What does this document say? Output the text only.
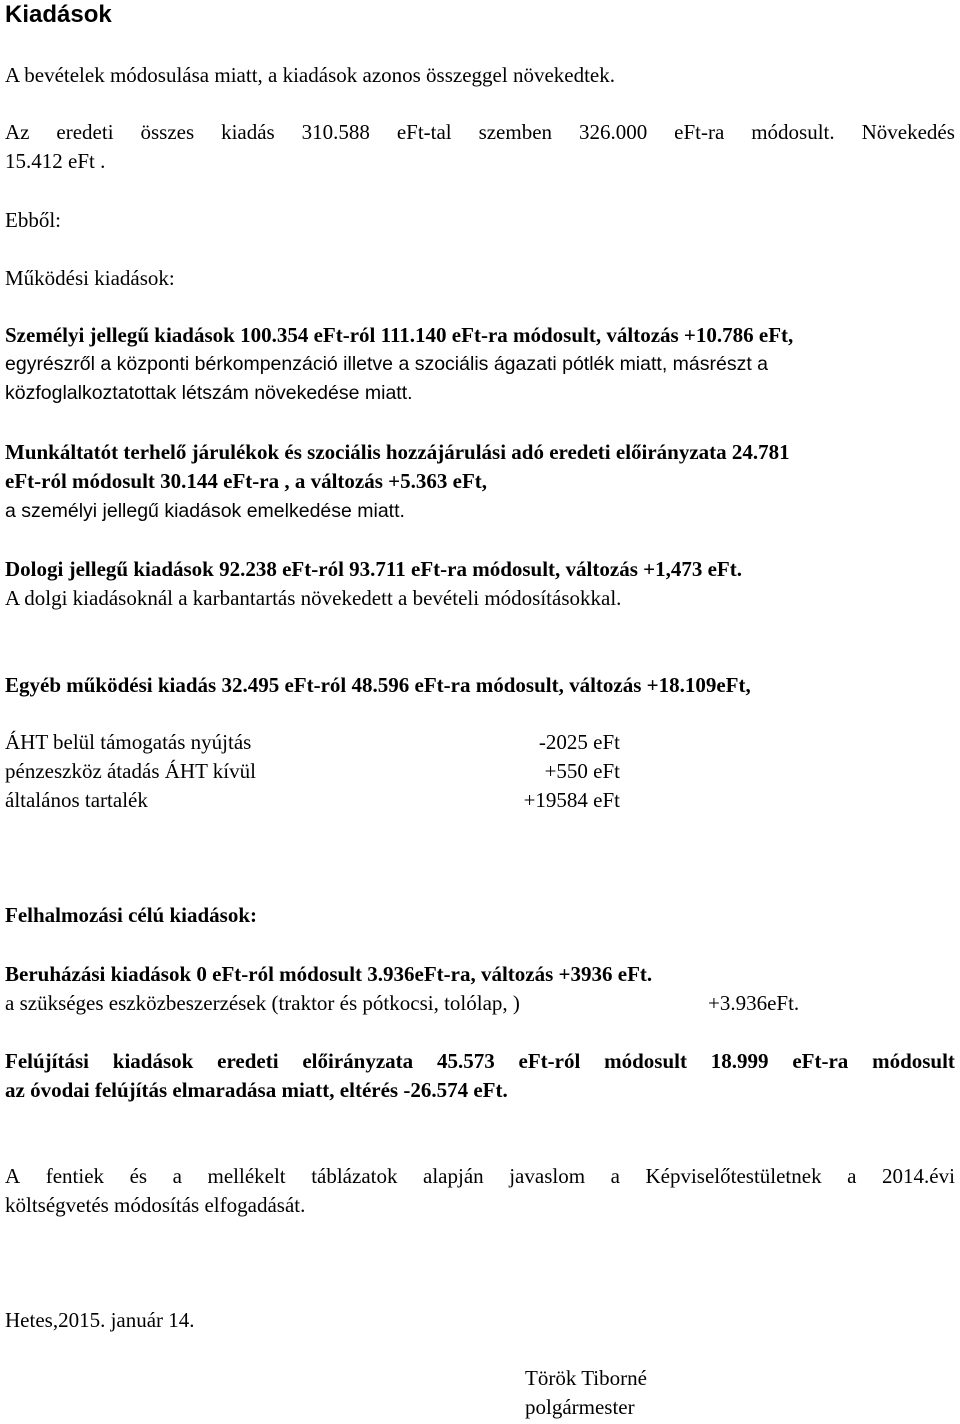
Kiadások
A bevételek módosulása miatt, a kiadások azonos összeggel növekedtek.
Az eredeti összes kiadás 310.588 eFt-tal szemben 326.000 eFt-ra módosult. Növekedés
15.412 eFt .
Ebből:
Működési kiadások:
Személyi jellegű kiadások 100.354 eFt-ról 111.140 eFt-ra módosult, változás +10.786 eFt,
egyrészről a központi bérkompenzáció illetve a szociális ágazati pótlék miatt, másrészt a
közfoglalkoztatottak létszám növekedése miatt.
Munkáltatót terhelő járulékok és szociális hozzájárulási adó eredeti előirányzata 24.781
eFt-ról módosult 30.144 eFt-ra , a változás +5.363 eFt,
a személyi jellegű kiadások emelkedése miatt.
Dologi jellegű kiadások 92.238 eFt-ról 93.711 eFt-ra módosult, változás +1,473 eFt.
A dolgi kiadásoknál a karbantartás növekedett a bevételi módosításokkal.
Egyéb működési kiadás 32.495 eFt-ról 48.596 eFt-ra módosult, változás +18.109eFt,
ÁHT belül támogatás nyújtás	-2025 eFt
pénzeszköz átadás ÁHT kívül	+550 eFt
általános tartalék	+19584 eFt
Felhalmozási célú kiadások:
Beruházási kiadások 0 eFt-ról módosult 3.936eFt-ra, változás +3936 eFt.
a szükséges eszközbeszerzések (traktor és pótkocsi, tolólap, )	+3.936eFt.
Felújítási kiadások eredeti előirányzata 45.573 eFt-ról módosult 18.999 eFt-ra módosult
az óvodai felújítás elmaradása miatt, eltérés -26.574 eFt.
A fentiek és a mellékelt táblázatok alapján javaslom a Képviselőtestületnek a 2014.évi
költségvetés módosítás elfogadását.
Hetes,2015. január 14.
Török Tiborné
polgármester
